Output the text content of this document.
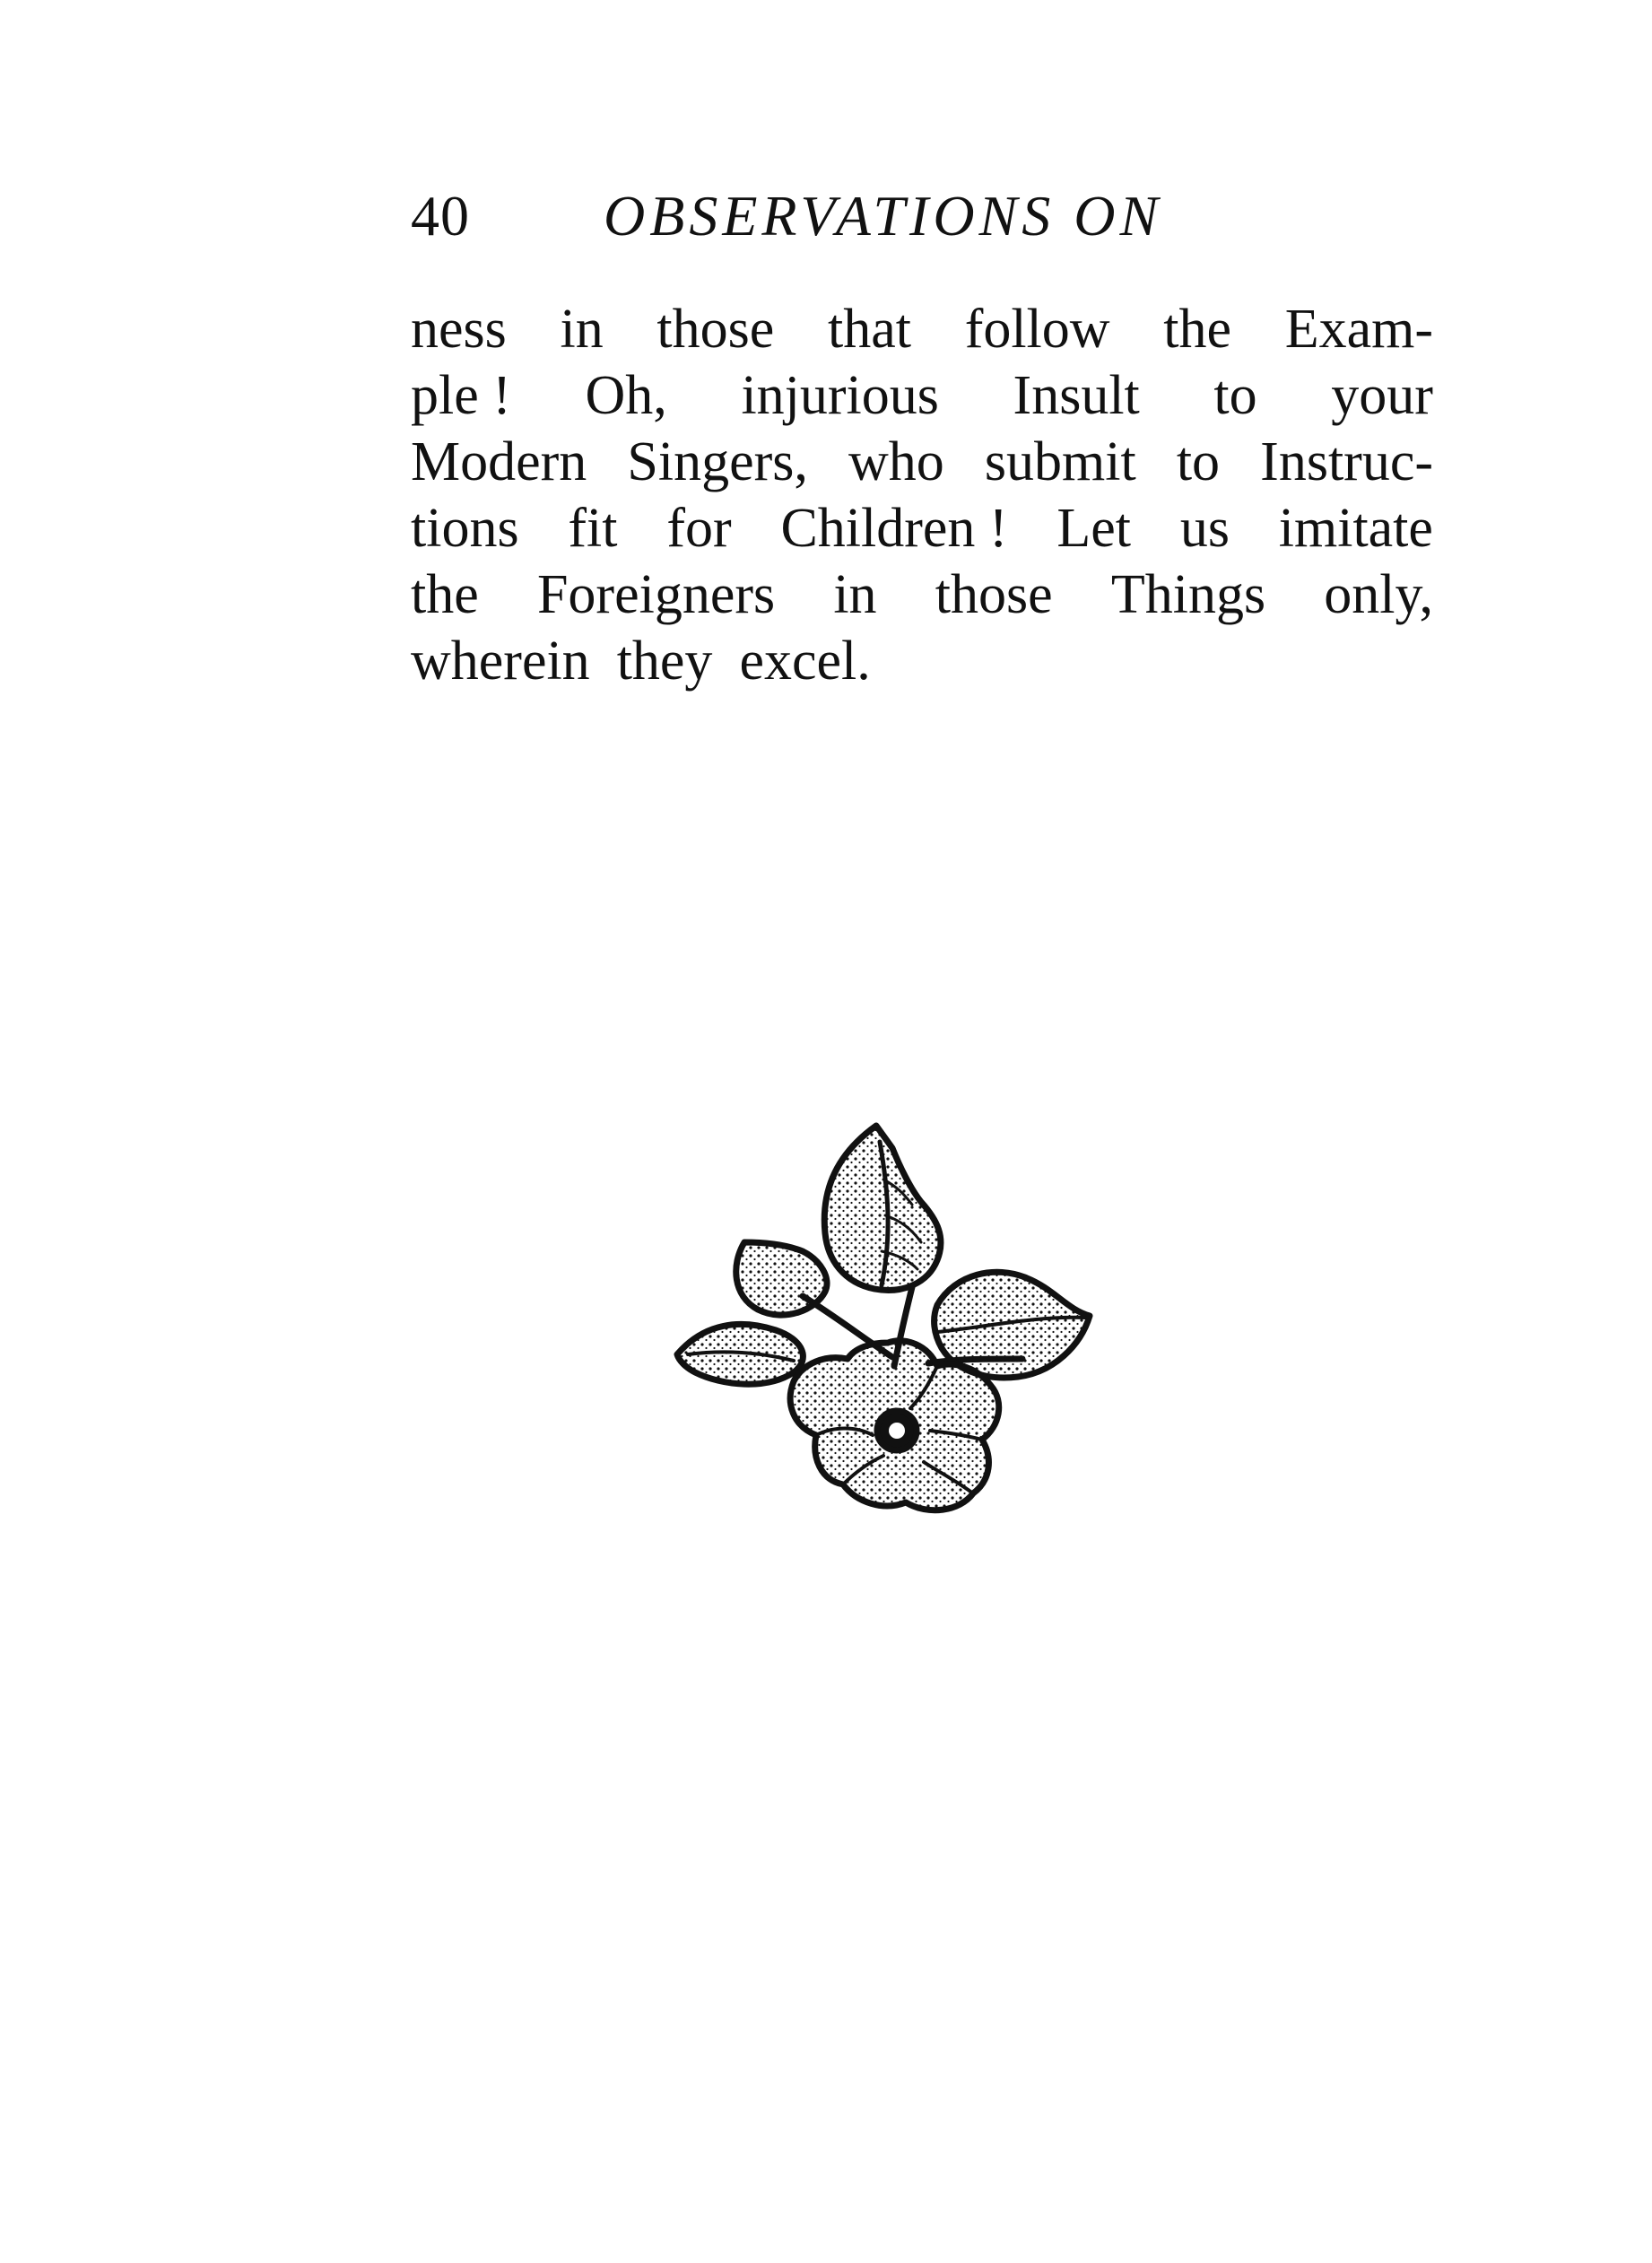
40 OBSERVATIONS ON
ness in those that follow the Exam-
ple ! Oh, injurious Insult to your
Modern Singers, who submit to Instruc-
tions fit for Children ! Let us imitate
the Foreigners in those Things only,
wherein they excel.
